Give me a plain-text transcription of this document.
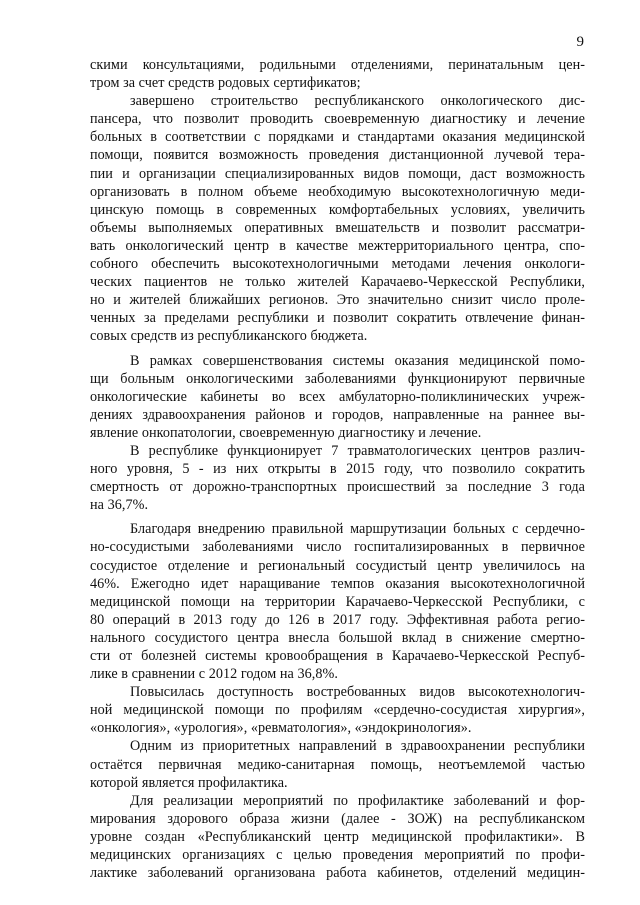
9
скими консультациями, родильными отделениями, перинатальным цен-
тром за счет средств родовых сертификатов;
завершено строительство республиканского онкологического дис-
пансера, что позволит проводить своевременную диагностику и лечение
больных в соответствии с порядками и стандартами оказания медицинской
помощи, появится возможность проведения дистанционной лучевой тера-
пии и организации специализированных видов помощи, даст возможность
организовать в полном объеме необходимую высокотехнологичную меди-
цинскую помощь в современных комфортабельных условиях, увеличить
объемы выполняемых оперативных вмешательств и позволит рассматри-
вать онкологический центр в качестве межтерриториального центра, спо-
собного обеспечить высокотехнологичными методами лечения онкологи-
ческих пациентов не только жителей Карачаево-Черкесской Республики,
но и жителей ближайших регионов. Это значительно снизит число проле-
ченных за пределами республики и позволит сократить отвлечение финан-
совых средств из республиканского бюджета.
В рамках совершенствования системы оказания медицинской помо-
щи больным онкологическими заболеваниями функционируют первичные
онкологические кабинеты во всех амбулаторно-поликлинических учреж-
дениях здравоохранения районов и городов, направленные на раннее вы-
явление онкопатологии, своевременную диагностику и лечение.
В республике функционирует 7 травматологических центров различ-
ного уровня, 5 - из них открыты в 2015 году, что позволило сократить
смертность от дорожно-транспортных происшествий за последние 3 года
на 36,7%.
Благодаря внедрению правильной маршрутизации больных с сердечно-
но-сосудистыми заболеваниями число госпитализированных в первичное
сосудистое отделение и региональный сосудистый центр увеличилось на
46%. Ежегодно идет наращивание темпов оказания высокотехнологичной
медицинской помощи на территории Карачаево-Черкесской Республики, с
80 операций в 2013 году до 126 в 2017 году. Эффективная работа регио-
нального сосудистого центра внесла большой вклад в снижение смертно-
сти от болезней системы кровообращения в Карачаево-Черкесской Респуб-
лике в сравнении с 2012 годом на 36,8%.
Повысилась доступность востребованных видов высокотехнологич-
ной медицинской помощи по профилям «сердечно-сосудистая хирургия»,
«онкология», «урология», «ревматология», «эндокринология».
Одним из приоритетных направлений в здравоохранении республики
остаётся первичная медико-санитарная помощь, неотъемлемой частью
которой является профилактика.
Для реализации мероприятий по профилактике заболеваний и фор-
мирования здорового образа жизни (далее - ЗОЖ) на республиканском
уровне создан «Республиканский центр медицинской профилактики». В
медицинских организациях с целью проведения мероприятий по профи-
лактике заболеваний организована работа кабинетов, отделений медицин-
